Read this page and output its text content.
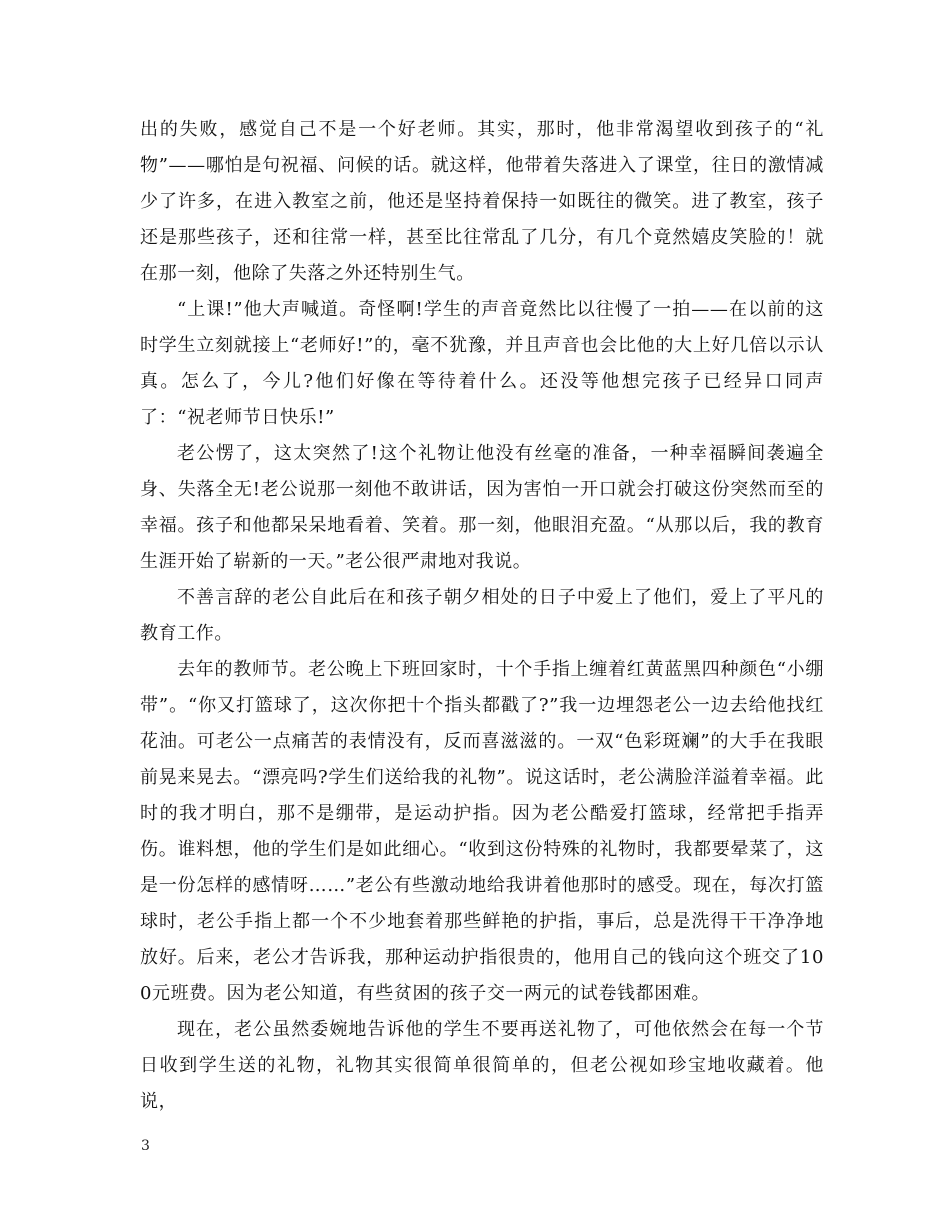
出的失败，感觉自己不是一个好老师。其实，那时，他非常渴望收到孩子的“礼物”——哪怕是句祝福、问候的话。就这样，他带着失落进入了课堂，往日的激情减少了许多，在进入教室之前，他还是坚持着保持一如既往的微笑。进了教室，孩子还是那些孩子，还和往常一样，甚至比往常乱了几分，有几个竟然嬉皮笑脸的！就在那一刻，他除了失落之外还特别生气。

“上课!”他大声喊道。奇怪啊!学生的声音竟然比以往慢了一拍——在以前的这时学生立刻就接上“老师好!”的，毫不犹豫，并且声音也会比他的大上好几倍以示认真。怎么了，今儿?他们好像在等待着什么。还没等他想完孩子已经异口同声了：“祝老师节日快乐!”

老公愣了，这太突然了!这个礼物让他没有丝毫的准备，一种幸福瞬间袭遍全身、失落全无!老公说那一刻他不敢讲话，因为害怕一开口就会打破这份突然而至的幸福。孩子和他都呆呆地看着、笑着。那一刻，他眼泪充盈。“从那以后，我的教育生涯开始了崭新的一天。”老公很严肃地对我说。

不善言辞的老公自此后在和孩子朝夕相处的日子中爱上了他们，爱上了平凡的教育工作。

去年的教师节。老公晚上下班回家时，十个手指上缠着红黄蓝黑四种颜色“小绷带”。“你又打篮球了，这次你把十个指头都戳了?”我一边埋怨老公一边去给他找红花油。可老公一点痛苦的表情没有，反而喜滋滋的。一双“色彩斑斓”的大手在我眼前晃来晃去。“漂亮吗?学生们送给我的礼物”。说这话时，老公满脸洋溢着幸福。此时的我才明白，那不是绷带，是运动护指。因为老公酷爱打篮球，经常把手指弄伤。谁料想，他的学生们是如此细心。“收到这份特殊的礼物时，我都要晕菜了，这是一份怎样的感情呀……”老公有些激动地给我讲着他那时的感受。现在，每次打篮球时，老公手指上都一个不少地套着那些鲜艳的护指，事后，总是洗得干干净净地放好。后来，老公才告诉我，那种运动护指很贵的，他用自己的钱向这个班交了100元班费。因为老公知道，有些贫困的孩子交一两元的试卷钱都困难。

现在，老公虽然委婉地告诉他的学生不要再送礼物了，可他依然会在每一个节日收到学生送的礼物，礼物其实很简单很简单的，但老公视如珍宝地收藏着。他说，

3
